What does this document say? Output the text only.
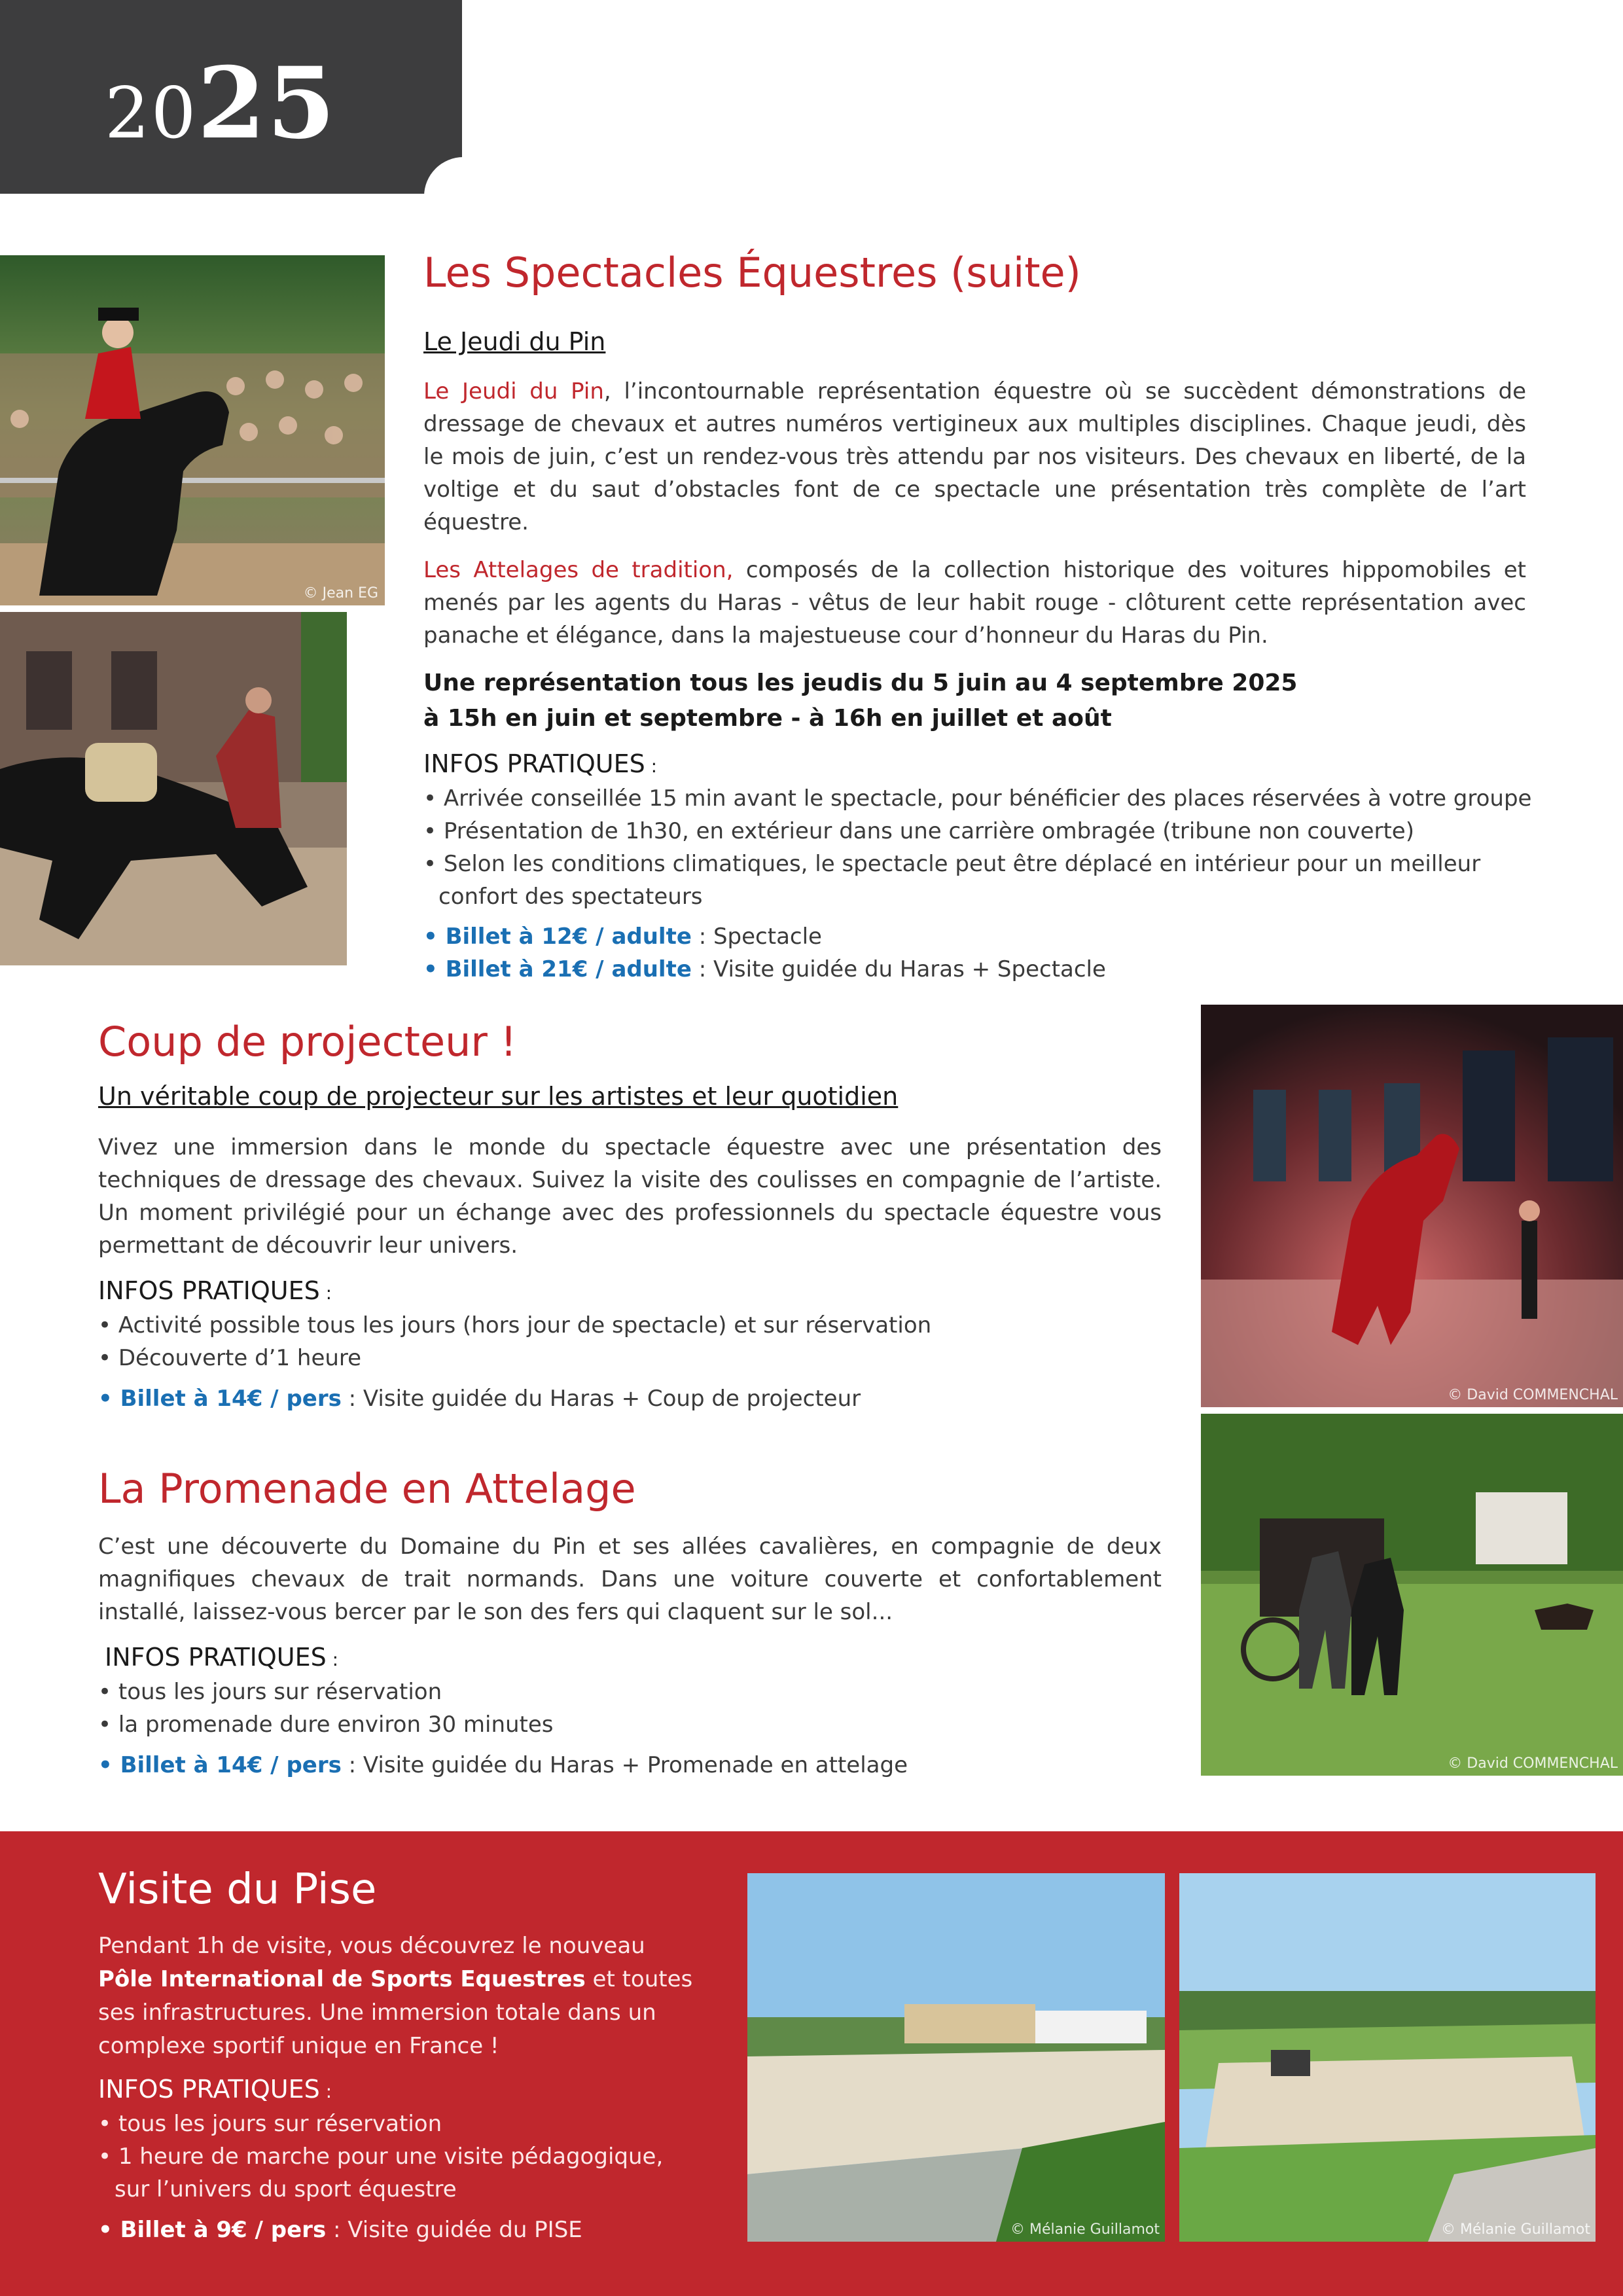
2025
© Jean EG
Les Spectacles Équestres (suite)
Le Jeudi du Pin

Le Jeudi du Pin, l’incontournable représentation équestre où se succèdent démonstrations de dressage de chevaux et autres numéros vertigineux aux multiples disciplines. Chaque jeudi, dès le mois de juin, c’est un rendez-vous très attendu par nos visiteurs. Des chevaux en liberté, de la voltige et du saut d’obstacles font de ce spectacle une présentation très complète de l’art équestre.

Les Attelages de tradition, composés de la collection historique des voitures hippomobiles et menés par les agents du Haras - vêtus de leur habit rouge - clôturent cette représentation avec panache et élégance, dans la majestueuse cour d’honneur du Haras du Pin.

Une représentation tous les jeudis du 5 juin au 4 septembre 2025
à 15h en juin et septembre - à 16h en juillet et août
INFOS PRATIQUES :
• Arrivée conseillée 15 min avant le spectacle, pour bénéficier des places réservées à votre groupe
• Présentation de 1h30, en extérieur dans une carrière ombragée (tribune non couverte)
• Selon les conditions climatiques, le spectacle peut être déplacé en intérieur pour un meilleur
confort des spectateurs
• Billet à 12€ / adulte : Spectacle
• Billet à 21€ / adulte : Visite guidée du Haras + Spectacle
Coup de projecteur !
Un véritable coup de projecteur sur les artistes et leur quotidien

Vivez une immersion dans le monde du spectacle équestre avec une présentation des techniques de dressage des chevaux. Suivez la visite des coulisses en compagnie de l’artiste. Un moment privilégié pour un échange avec des professionnels du spectacle équestre vous permettant de découvrir leur univers.

INFOS PRATIQUES :
• Activité possible tous les jours (hors jour de spectacle) et sur réservation
• Découverte d’1 heure
• Billet à 14€ / pers : Visite guidée du Haras + Coup de projecteur	© David COMMENCHAL
La Promenade en Attelage

C’est une découverte du Domaine du Pin et ses allées cavalières, en compagnie de deux magnifiques chevaux de trait normands. Dans une voiture couverte et confortablement installé, laissez-vous bercer par le son des fers qui claquent sur le sol...

INFOS PRATIQUES :
• tous les jours sur réservation
• la promenade dure environ 30 minutes
• Billet à 14€ / pers : Visite guidée du Haras + Promenade en attelage	© David COMMENCHAL
Visite du Pise

Pendant 1h de visite, vous découvrez le nouveau
Pôle International de Sports Equestres et toutes ses infrastructures. Une immersion totale dans un complexe sportif unique en France !

INFOS PRATIQUES :
• tous les jours sur réservation
• 1 heure de marche pour une visite pédagogique,
sur l’univers du sport équestre
• Billet à 9€ / pers : Visite guidée du PISE	© Mélanie Guillamot	© Mélanie Guillamot
